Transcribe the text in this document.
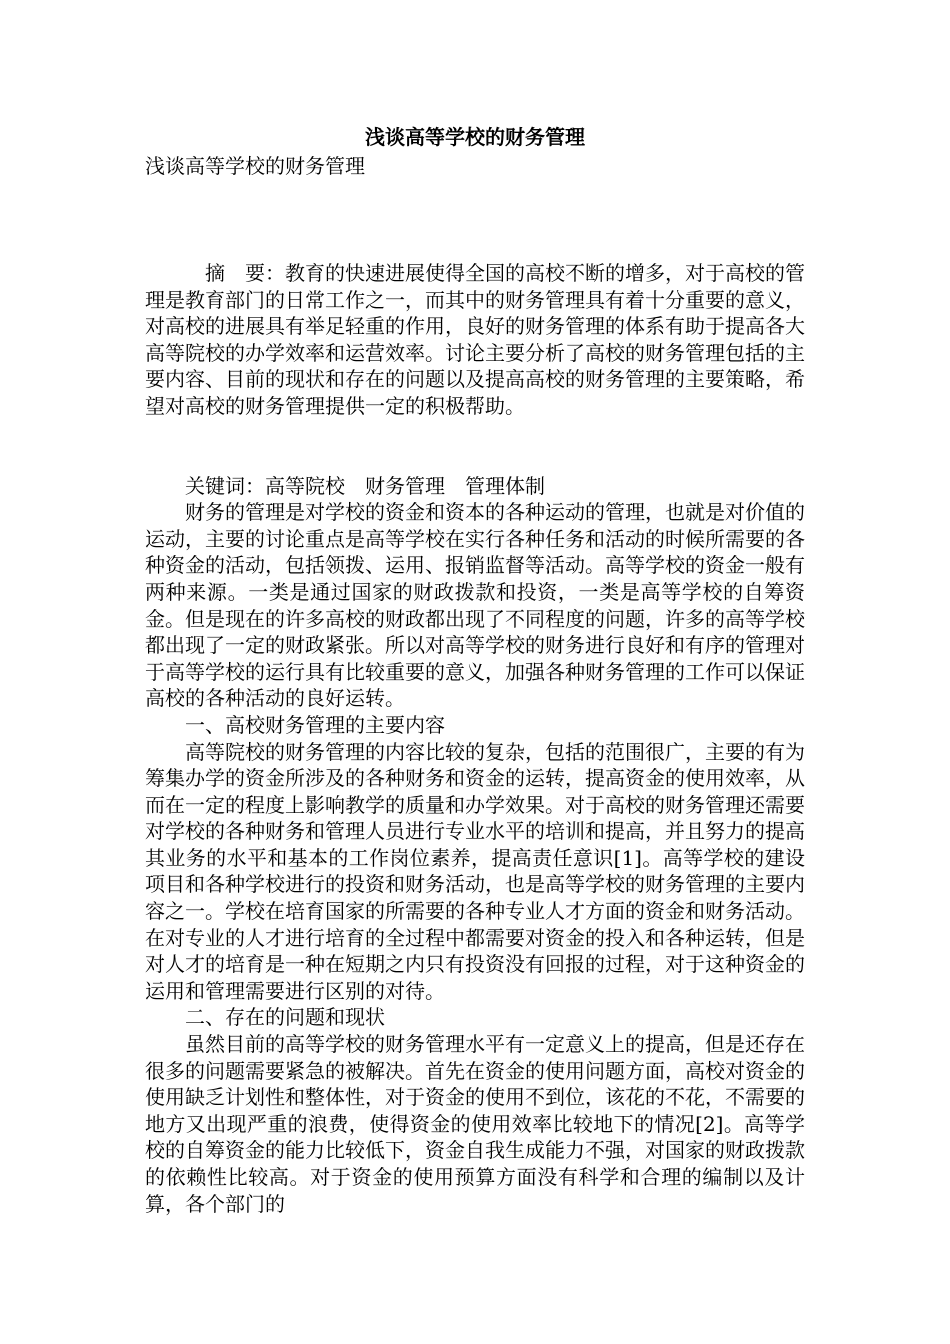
浅谈高等学校的财务管理

浅谈高等学校的财务管理

摘　要：教育的快速进展使得全国的高校不断的增多，对于高校的管理是教育部门的日常工作之一，而其中的财务管理具有着十分重要的意义，对高校的进展具有举足轻重的作用，良好的财务管理的体系有助于提高各大高等院校的办学效率和运营效率。讨论主要分析了高校的财务管理包括的主要内容、目前的现状和存在的问题以及提高高校的财务管理的主要策略，希望对高校的财务管理提供一定的积极帮助。

关键词：高等院校　财务管理　管理体制

财务的管理是对学校的资金和资本的各种运动的管理，也就是对价值的运动，主要的讨论重点是高等学校在实行各种任务和活动的时候所需要的各种资金的活动，包括领拨、运用、报销监督等活动。高等学校的资金一般有两种来源。一类是通过国家的财政拨款和投资，一类是高等学校的自筹资金。但是现在的许多高校的财政都出现了不同程度的问题，许多的高等学校都出现了一定的财政紧张。所以对高等学校的财务进行良好和有序的管理对于高等学校的运行具有比较重要的意义，加强各种财务管理的工作可以保证高校的各种活动的良好运转。

一、高校财务管理的主要内容

高等院校的财务管理的内容比较的复杂，包括的范围很广，主要的有为筹集办学的资金所涉及的各种财务和资金的运转，提高资金的使用效率，从而在一定的程度上影响教学的质量和办学效果。对于高校的财务管理还需要对学校的各种财务和管理人员进行专业水平的培训和提高，并且努力的提高其业务的水平和基本的工作岗位素养，提高责任意识[1]。高等学校的建设项目和各种学校进行的投资和财务活动，也是高等学校的财务管理的主要内容之一。学校在培育国家的所需要的各种专业人才方面的资金和财务活动。在对专业的人才进行培育的全过程中都需要对资金的投入和各种运转，但是对人才的培育是一种在短期之内只有投资没有回报的过程，对于这种资金的运用和管理需要进行区别的对待。

二、存在的问题和现状

虽然目前的高等学校的财务管理水平有一定意义上的提高，但是还存在很多的问题需要紧急的被解决。首先在资金的使用问题方面，高校对资金的使用缺乏计划性和整体性，对于资金的使用不到位，该花的不花，不需要的地方又出现严重的浪费，使得资金的使用效率比较地下的情况[2]。高等学校的自筹资金的能力比较低下，资金自我生成能力不强，对国家的财政拨款的依赖性比较高。对于资金的使用预算方面没有科学和合理的编制以及计算，各个部门的
